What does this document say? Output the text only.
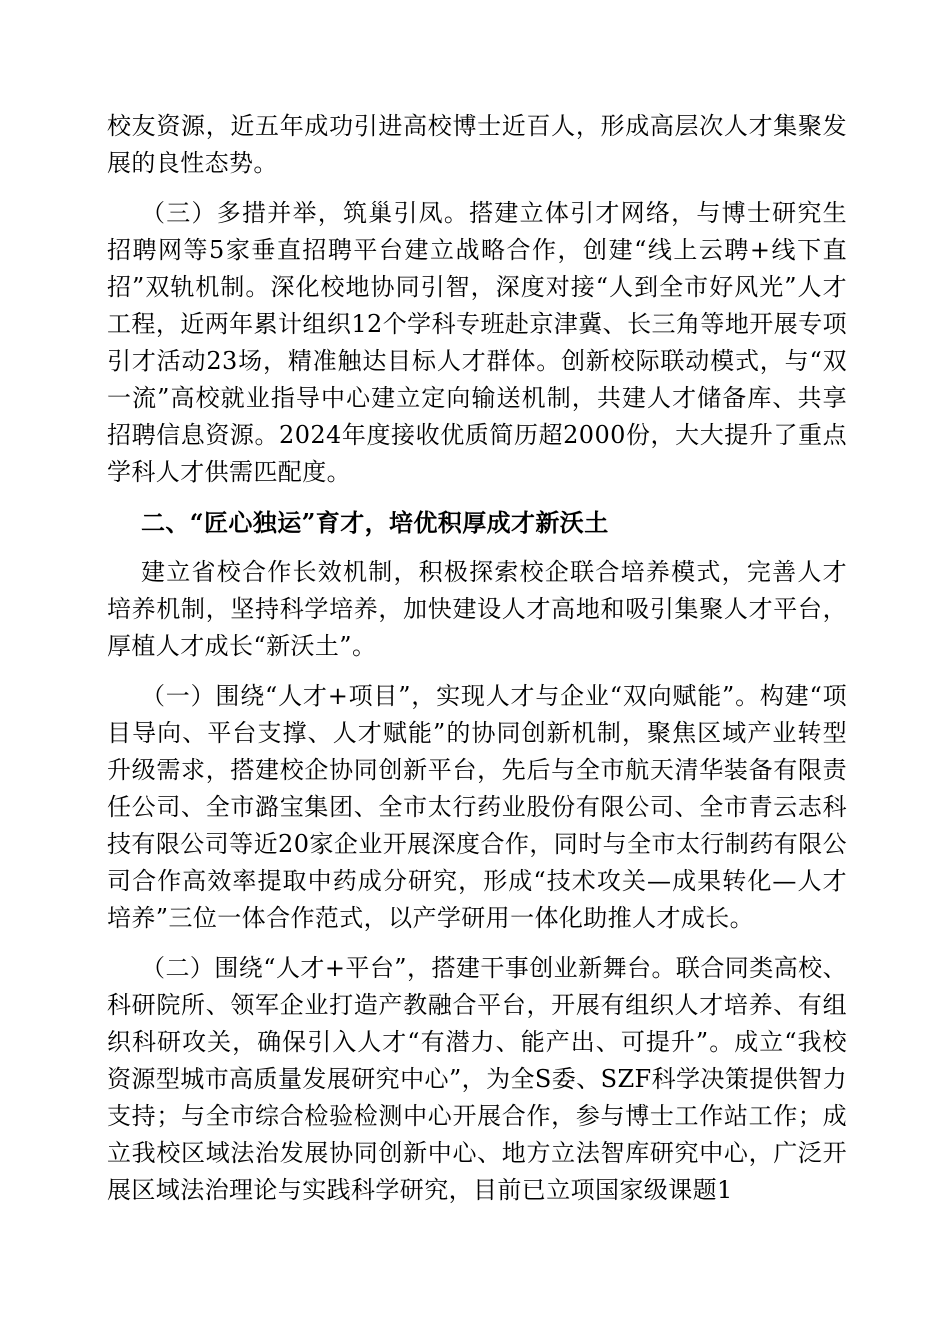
校友资源，近五年成功引进高校博士近百人，形成高层次人才集聚发展的良性态势。

（三）多措并举，筑巢引凤。搭建立体引才网络，与博士研究生招聘网等5家垂直招聘平台建立战略合作，创建“线上云聘+线下直招”双轨机制。深化校地协同引智，深度对接“人到全市好风光”人才工程，近两年累计组织12个学科专班赴京津冀、长三角等地开展专项引才活动23场，精准触达目标人才群体。创新校际联动模式，与“双一流”高校就业指导中心建立定向输送机制，共建人才储备库、共享招聘信息资源。2024年度接收优质简历超2000份，大大提升了重点学科人才供需匹配度。

二、“匠心独运”育才，培优积厚成才新沃土

建立省校合作长效机制，积极探索校企联合培养模式，完善人才培养机制，坚持科学培养，加快建设人才高地和吸引集聚人才平台，厚植人才成长“新沃土”。

（一）围绕“人才+项目”，实现人才与企业“双向赋能”。构建“项目导向、平台支撑、人才赋能”的协同创新机制，聚焦区域产业转型升级需求，搭建校企协同创新平台，先后与全市航天清华装备有限责任公司、全市潞宝集团、全市太行药业股份有限公司、全市青云志科技有限公司等近20家企业开展深度合作，同时与全市太行制药有限公司合作高效率提取中药成分研究，形成“技术攻关—成果转化—人才培养”三位一体合作范式，以产学研用一体化助推人才成长。

（二）围绕“人才+平台”，搭建干事创业新舞台。联合同类高校、科研院所、领军企业打造产教融合平台，开展有组织人才培养、有组织科研攻关，确保引入人才“有潜力、能产出、可提升”。成立“我校资源型城市高质量发展研究中心”，为全S委、SZF科学决策提供智力支持；与全市综合检验检测中心开展合作，参与博士工作站工作；成立我校区域法治发展协同创新中心、地方立法智库研究中心，广泛开展区域法治理论与实践科学研究，目前已立项国家级课题1
